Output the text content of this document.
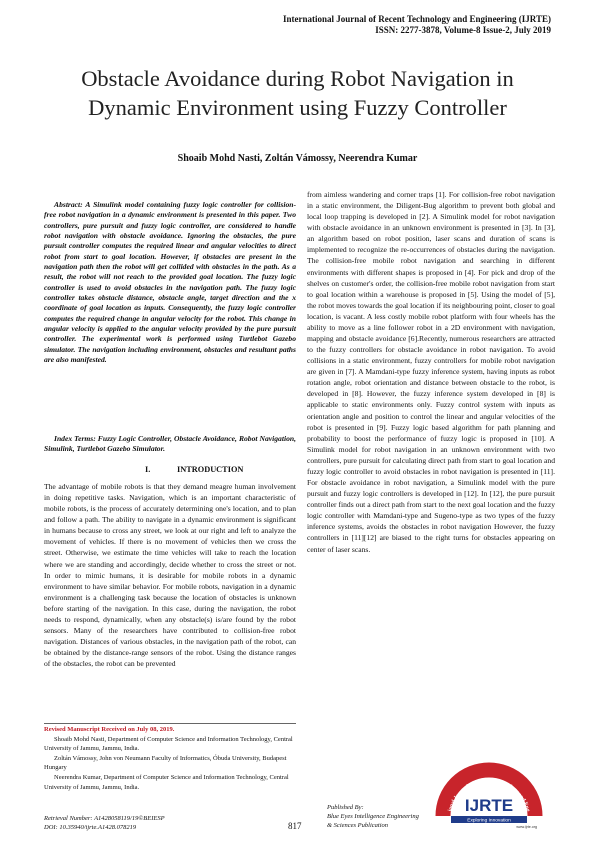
International Journal of Recent Technology and Engineering (IJRTE)
ISSN: 2277-3878, Volume-8 Issue-2, July 2019
Obstacle Avoidance during Robot Navigation in
Dynamic Environment using Fuzzy Controller
Shoaib Mohd Nasti, Zoltán Vámossy, Neerendra Kumar
Abstract: A Simulink model containing fuzzy logic controller for collision-free robot navigation in a dynamic environment is presented in this paper. Two controllers, pure pursuit and fuzzy logic controller, are considered to handle robot navigation with obstacle avoidance. Ignoring the obstacles, the pure pursuit controller computes the required linear and angular velocities to direct robot from start to goal location. However, if obstacles are present in the navigation path then the robot will get collided with obstacles in the path. As a result, the robot will not reach to the provided goal location. The fuzzy logic controller is used to avoid obstacles in the navigation path. The fuzzy logic controller takes obstacle distance, obstacle angle, target direction and the x coordinate of goal location as inputs. Consequently, the fuzzy logic controller computes the required change in angular velocity for the robot. This change in angular velocity is applied to the angular velocity provided by the pure pursuit controller. The experimental work is performed using Turtlebot Gazebo simulator. The navigation including environment, obstacles and resultant paths are also manifested.
Index Terms: Fuzzy Logic Controller, Obstacle Avoidance, Robot Navigation, Simulink, Turtlebot Gazebo Simulator.
I.	INTRODUCTION

The advantage of mobile robots is that they demand meagre human involvement in doing repetitive tasks. Navigation, which is an important characteristic of mobile robots, is the process of accurately determining one's location, and to plan and follow a path. The ability to navigate in a dynamic environment is significant in humans because to cross any street, we look at our right and left to analyze the movement of vehicles. If there is no movement of vehicles then we cross the street. Otherwise, we estimate the time vehicles will take to reach the location where we are standing and accordingly, decide whether to cross the street or not. In order to mimic humans, it is desirable for mobile robots in a dynamic environment to have similar behavior. For mobile robots, navigation in a dynamic environment is a challenging task because the location of obstacles is unknown before starting of the navigation. In this case, during the navigation, the robot needs to respond, dynamically, when any obstacle(s) is/are found by the robot sensors. Many of the researchers have contributed to collision-free robot navigation. Distances of various obstacles, in the navigation path of the robot, can be obtained by the distance-range sensors of the robot. Using the distance ranges of the obstacles, the robot can be prevented

from aimless wandering and corner traps [1]. For collision-free robot navigation in a static environment, the Diligent-Bug algorithm to prevent both global and local loop trapping is developed in [2]. A Simulink model for robot navigation with obstacle avoidance in an unknown environment is presented in [3]. In [3], an algorithm based on robot position, laser scans and duration of scans is implemented to recognize the re-occurrences of obstacles during the navigation. The collision-free mobile robot navigation and searching in different environments with different shapes is proposed in [4]. For pick and drop of the shelves on customer's order, the collision-free mobile robot navigation from start to goal location within a warehouse is proposed in [5]. Using the model of [5], the robot moves towards the goal location if its neighbouring point, closer to goal location, is vacant. A less costly mobile robot platform with four wheels has the ability to move as a line follower robot in a 2D environment with navigation, mapping and obstacle avoidance [6].Recently, numerous researchers are attracted to the fuzzy controllers for obstacle avoidance in robot navigation. To avoid collisions in a static environment, fuzzy controllers for mobile robot navigation are given in [7]. A Mamdani-type fuzzy inference system, having inputs as robot rotation angle, robot orientation and distance between obstacle to the robot, is developed in [8]. However, the fuzzy inference system developed in [8] is applicable to static environments only. Fuzzy control system with inputs as orientation angle and position to control the linear and angular velocities of the robot is presented in [9]. Fuzzy logic based algorithm for path planning and probability to boost the performance of fuzzy logic is proposed in [10]. A Simulink model for robot navigation in an unknown environment with two controllers, pure pursuit for calculating direct path from start to goal location and fuzzy logic controller to avoid obstacles in robot navigation is presented in [11]. For obstacle avoidance in robot navigation, a Simulink model with the pure pursuit and fuzzy logic controllers is developed in [12]. In [12], the pure pursuit controller finds out a direct path from start to the next goal location and the fuzzy logic controller with Mamdani-type and Sugeno-type as two types of the fuzzy inference systems, avoids the obstacles in robot navigation However, the fuzzy controllers in [11][12] are biased to the right turns for obstacles appearing on center of laser scans.

Revised Manuscript Received on July 08, 2019.

Shoaib Mohd Nasti, Department of Computer Science and Information Technology, Central University of Jammu, Jammu, India.

Zoltán Vámossy, John von Neumann Faculty of Informatics, Óbuda University, Budapest Hungary

Neerendra Kumar, Department of Computer Science and Information Technology, Central University of Jammu, Jammu, India.

Retrieval Number: A1428058119/19©BEIESP
DOI: 10.35940/ijrte.A1428.078219	817
Published By:
Blue Eyes Intelligence Engineering
& Sciences Publication
ional Journal of Recent Technology and Eng
IJRTE
Exploring Innovation
www.ijrte.org
